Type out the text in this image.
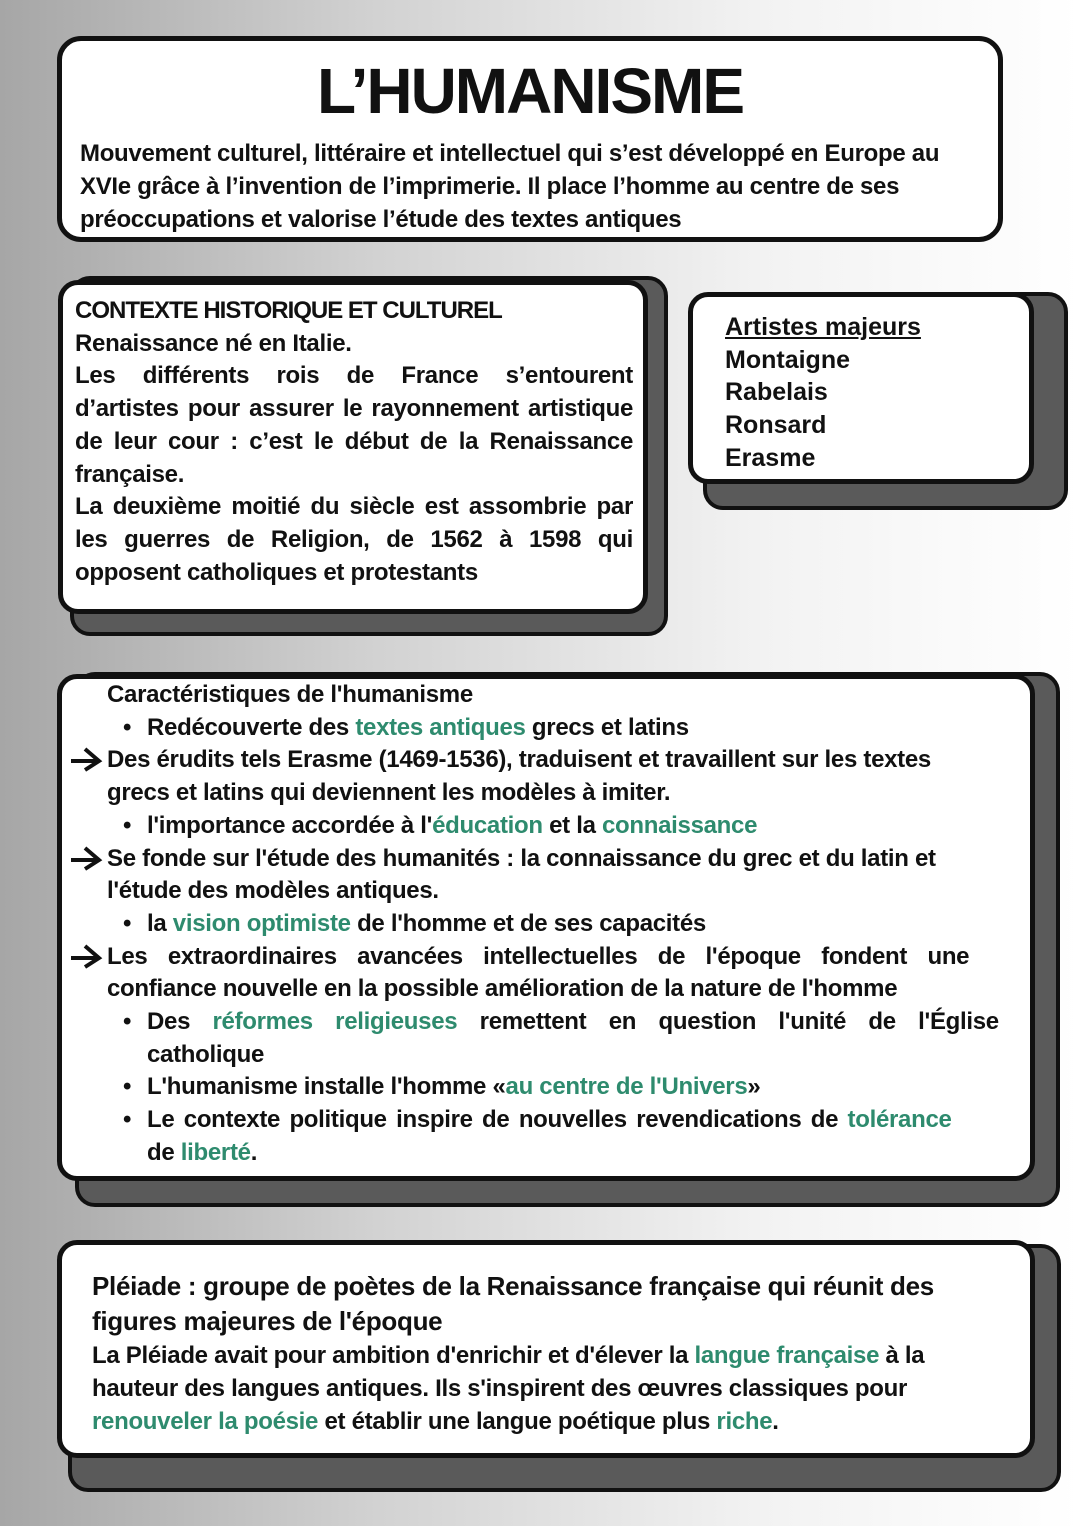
L’HUMANISME

Mouvement culturel, littéraire et intellectuel qui s’est développé en Europe au XVIe grâce à l’invention de l’imprimerie. Il place l’homme au centre de ses préoccupations et valorise l’étude des textes antiques

CONTEXTE HISTORIQUE ET CULTUREL
Renaissance né en Italie.
Les différents rois de France s’entourent d’artistes pour assurer le rayonnement artistique de leur cour : c’est le début de la Renaissance française.
La deuxième moitié du siècle est assombrie par les guerres de Religion, de 1562 à 1598 qui opposent catholiques et protestants
Artistes majeurs
Montaigne
Rabelais
Ronsard
Erasme
Caractéristiques de l'humanisme
• Redécouverte des textes antiques grecs et latins
Des érudits tels Erasme (1469-1536), traduisent et travaillent sur les textes
grecs et latins qui deviennent les modèles à imiter.
• l'importance accordée à l'éducation et la connaissance
Se fonde sur l'étude des humanités : la connaissance du grec et du latin et
l'étude des modèles antiques.
• la vision optimiste de l'homme et de ses capacités
Les extraordinaires avancées intellectuelles de l'époque fondent une
confiance nouvelle en la possible amélioration de la nature de l'homme
• Des réformes religieuses remettent en question l'unité de l'Église
catholique
• L'humanisme installe l'homme «au centre de l'Univers»
• Le contexte politique inspire de nouvelles revendications de tolérance
de liberté.
Pléiade : groupe de poètes de la Renaissance française qui réunit des figures majeures de l'époque
La Pléiade avait pour ambition d'enrichir et d'élever la langue française à la hauteur des langues antiques. Ils s'inspirent des œuvres classiques pour renouveler la poésie et établir une langue poétique plus riche.
